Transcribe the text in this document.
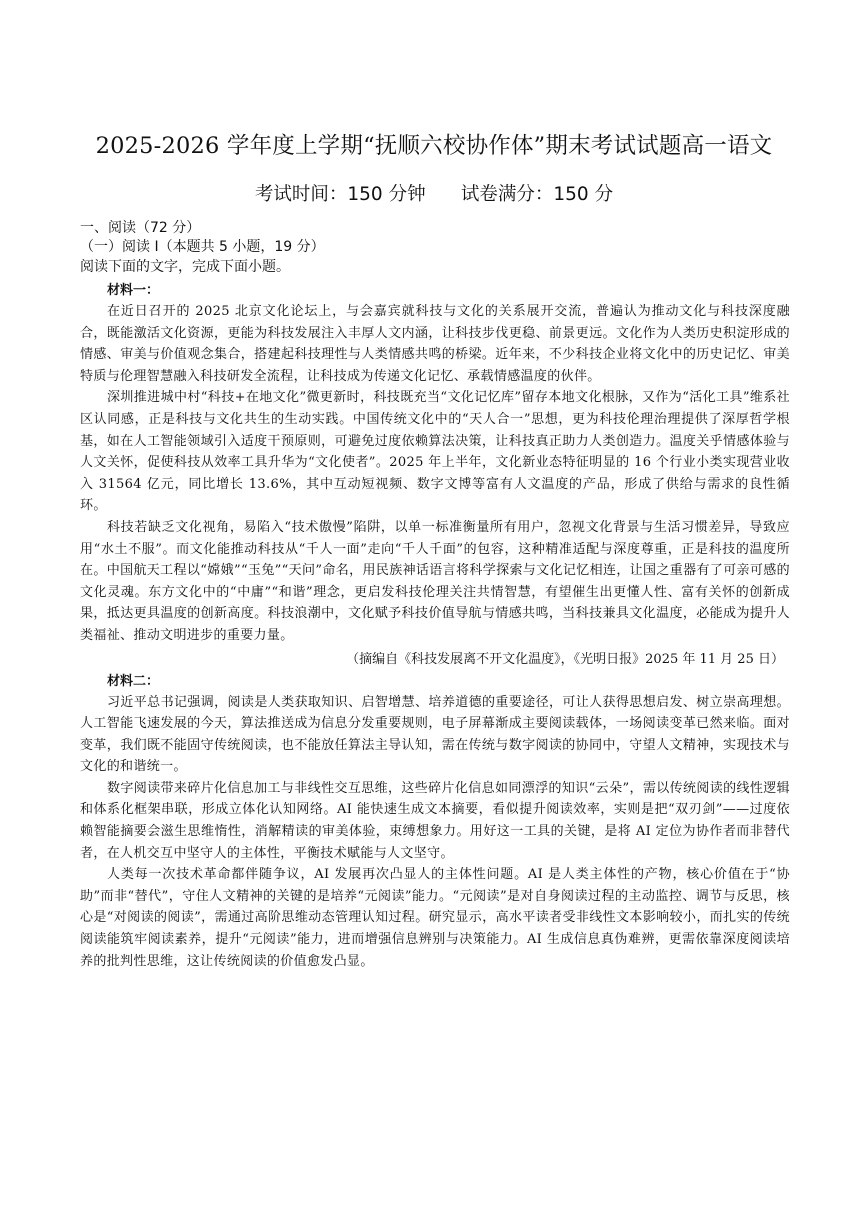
2025-2026 学年度上学期“抚顺六校协作体”期末考试试题高一语文
考试时间：150 分钟 试卷满分：150 分

一、阅读（72 分）

（一）阅读 I（本题共 5 小题，19 分）

阅读下面的文字，完成下面小题。

材料一：

在近日召开的 2025 北京文化论坛上，与会嘉宾就科技与文化的关系展开交流，普遍认为推动文化与科技深度融合，既能激活文化资源，更能为科技发展注入丰厚人文内涵，让科技步伐更稳、前景更远。文化作为人类历史积淀形成的情感、审美与价值观念集合，搭建起科技理性与人类情感共鸣的桥梁。近年来，不少科技企业将文化中的历史记忆、审美特质与伦理智慧融入科技研发全流程，让科技成为传递文化记忆、承载情感温度的伙伴。

深圳推进城中村“科技+在地文化”微更新时，科技既充当“文化记忆库”留存本地文化根脉，又作为“活化工具”维系社区认同感，正是科技与文化共生的生动实践。中国传统文化中的“天人合一”思想，更为科技伦理治理提供了深厚哲学根基，如在人工智能领域引入适度干预原则，可避免过度依赖算法决策，让科技真正助力人类创造力。温度关乎情感体验与人文关怀，促使科技从效率工具升华为“文化使者”。2025 年上半年，文化新业态特征明显的 16 个行业小类实现营业收入 31564 亿元，同比增长 13.6%，其中互动短视频、数字文博等富有人文温度的产品，形成了供给与需求的良性循环。

科技若缺乏文化视角，易陷入“技术傲慢”陷阱，以单一标准衡量所有用户，忽视文化背景与生活习惯差异，导致应用“水土不服”。而文化能推动科技从“千人一面”走向“千人千面”的包容，这种精准适配与深度尊重，正是科技的温度所在。中国航天工程以“嫦娥”“玉兔”“天问”命名，用民族神话语言将科学探索与文化记忆相连，让国之重器有了可亲可感的文化灵魂。东方文化中的“中庸”“和谐”理念，更启发科技伦理关注共情智慧，有望催生出更懂人性、富有关怀的创新成果，抵达更具温度的创新高度。科技浪潮中，文化赋予科技价值导航与情感共鸣，当科技兼具文化温度，必能成为提升人类福祉、推动文明进步的重要力量。

（摘编自《科技发展离不开文化温度》，《光明日报》2025 年 11 月 25 日）

材料二：

习近平总书记强调，阅读是人类获取知识、启智增慧、培养道德的重要途径，可让人获得思想启发、树立崇高理想。人工智能飞速发展的今天，算法推送成为信息分发重要规则，电子屏幕渐成主要阅读载体，一场阅读变革已然来临。面对变革，我们既不能固守传统阅读，也不能放任算法主导认知，需在传统与数字阅读的协同中，守望人文精神，实现技术与文化的和谐统一。

数字阅读带来碎片化信息加工与非线性交互思维，这些碎片化信息如同漂浮的知识“云朵”，需以传统阅读的线性逻辑和体系化框架串联，形成立体化认知网络。AI 能快速生成文本摘要，看似提升阅读效率，实则是把“双刃剑”——过度依赖智能摘要会滋生思维惰性，消解精读的审美体验，束缚想象力。用好这一工具的关键，是将 AI 定位为协作者而非替代者，在人机交互中坚守人的主体性，平衡技术赋能与人文坚守。

人类每一次技术革命都伴随争议，AI 发展再次凸显人的主体性问题。AI 是人类主体性的产物，核心价值在于“协助”而非“替代”，守住人文精神的关键的是培养“元阅读”能力。“元阅读”是对自身阅读过程的主动监控、调节与反思，核心是“对阅读的阅读”，需通过高阶思维动态管理认知过程。研究显示，高水平读者受非线性文本影响较小，而扎实的传统阅读能筑牢阅读素养，提升“元阅读”能力，进而增强信息辨别与决策能力。AI 生成信息真伪难辨，更需依靠深度阅读培养的批判性思维，这让传统阅读的价值愈发凸显。
